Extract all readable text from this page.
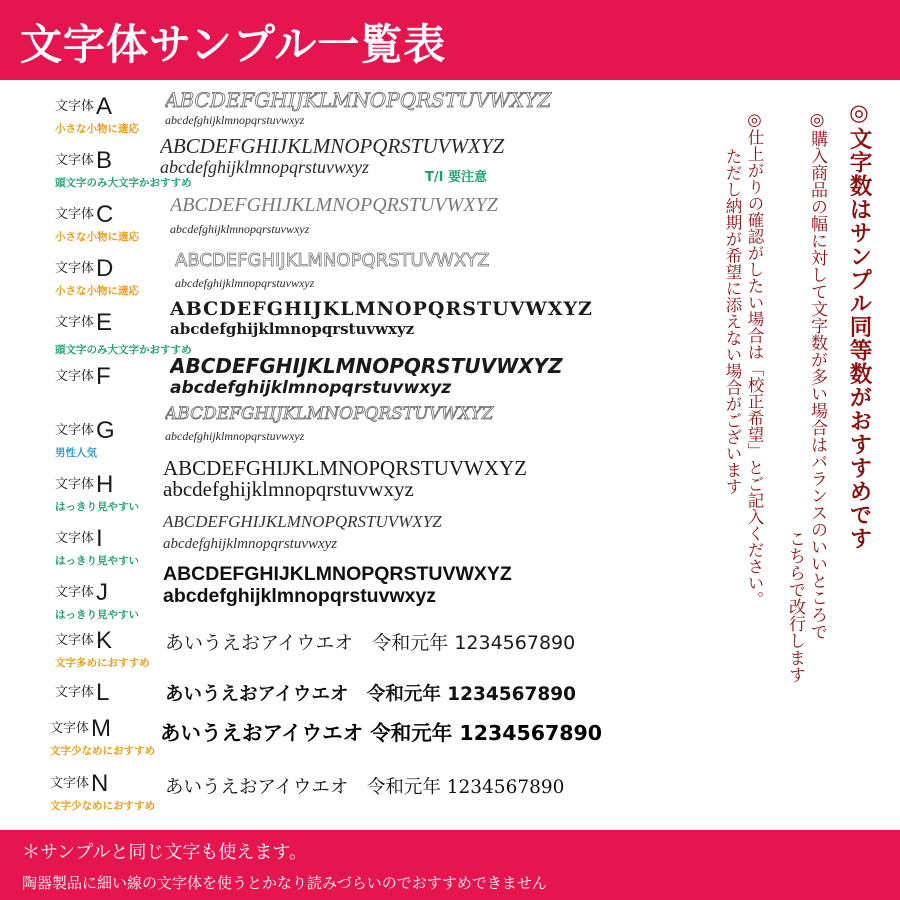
文字体サンプル一覧表
文字体A
小さな小物に適応
ABCDEFGHIJKLMNOPQRSTUVWXYZ
abcdefghijklmnopqrstuvwxyz
文字体B
頭文字のみ大文字かおすすめ
ABCDEFGHIJKLMNOPQRSTUVWXYZ
abcdefghijklmnopqrstuvwxyz
T/I 要注意
文字体C
小さな小物に適応
ABCDEFGHIJKLMNOPQRSTUVWXYZ
abcdefghijklmnopqrstuvwxyz
文字体D
小さな小物に適応
ABCDEFGHIJKLMNOPQRSTUVWXYZ
abcdefghijklmnopqrstuvwxyz
文字体E
頭文字のみ大文字かおすすめ
ABCDEFGHIJKLMNOPQRSTUVWXYZ
abcdefghijklmnopqrstuvwxyz
文字体F	ABCDEFGHIJKLMNOPQRSTUVWXYZ
abcdefghijklmnopqrstuvwxyz
文字体G
男性人気
ABCDEFGHIJKLMNOPQRSTUVWXYZ
abcdefghijklmnopqrstuvwxyz
文字体H
はっきり見やすい
ABCDEFGHIJKLMNOPQRSTUVWXYZ
abcdefghijklmnopqrstuvwxyz
文字体I
はっきり見やすい
ABCDEFGHIJKLMNOPQRSTUVWXYZ
abcdefghijklmnopqrstuvwxyz
文字体J
はっきり見やすい
ABCDEFGHIJKLMNOPQRSTUVWXYZ
abcdefghijklmnopqrstuvwxyz
文字体K
文字多めにおすすめ
あいうえおアイウエオ　令和元年 1234567890
文字体L	あいうえおアイウエオ　令和元年 1234567890
文字体M
文字少なめにおすすめ
あいうえおアイウエオ 令和元年 1234567890
文字体N
文字少なめにおすすめ
あいうえおアイウエオ　令和元年 1234567890
◎文字数はサンプル同等数がおすすめです
◎購入商品の幅に対して文字数が多い場合はバランスのいいところで
こちらで改行します
◎仕上がりの確認がしたい場合は「校正希望」とご記入ください。
ただし納期が希望に添えない場合がございます
＊サンプルと同じ文字も使えます。
陶器製品に細い線の文字体を使うとかなり読みづらいのでおすすめできません
